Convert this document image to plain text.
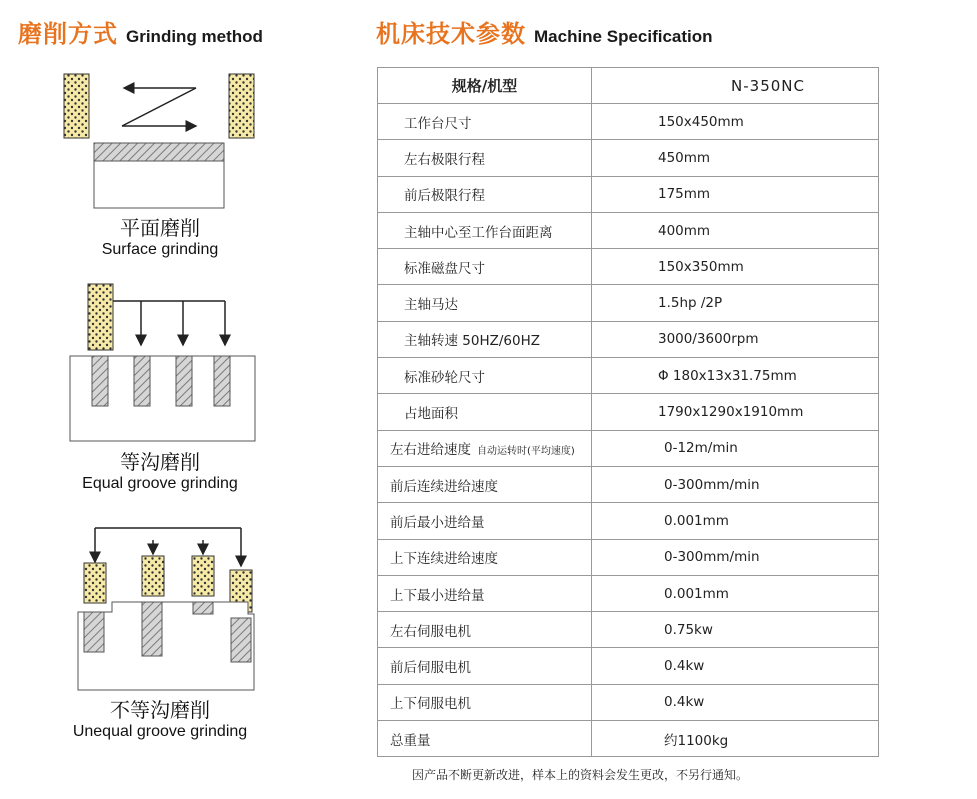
磨削方式 Grinding method	机床技术参数 Machine Specification
平面磨削
Surface grinding
等沟磨削
Equal groove grinding
不等沟磨削
Unequal groove grinding
规格/机型	N-350NC
工作台尺寸	150x450mm
左右极限行程	450mm
前后极限行程	175mm
主轴中心至工作台面距离	400mm
标准磁盘尺寸	150x350mm
主轴马达	1.5hp /2P
主轴转速 50HZ/60HZ	3000/3600rpm
标准砂轮尺寸	Φ 180x13x31.75mm
占地面积	1790x1290x1910mm
左右进给速度 自动运转时(平均速度)	0-12m/min
前后连续进给速度	0-300mm/min
前后最小进给量	0.001mm
上下连续进给速度	0-300mm/min
上下最小进给量	0.001mm
左右伺服电机	0.75kw
前后伺服电机	0.4kw
上下伺服电机	0.4kw
总重量	约1100kg
因产品不断更新改进，样本上的资料会发生更改，不另行通知。
